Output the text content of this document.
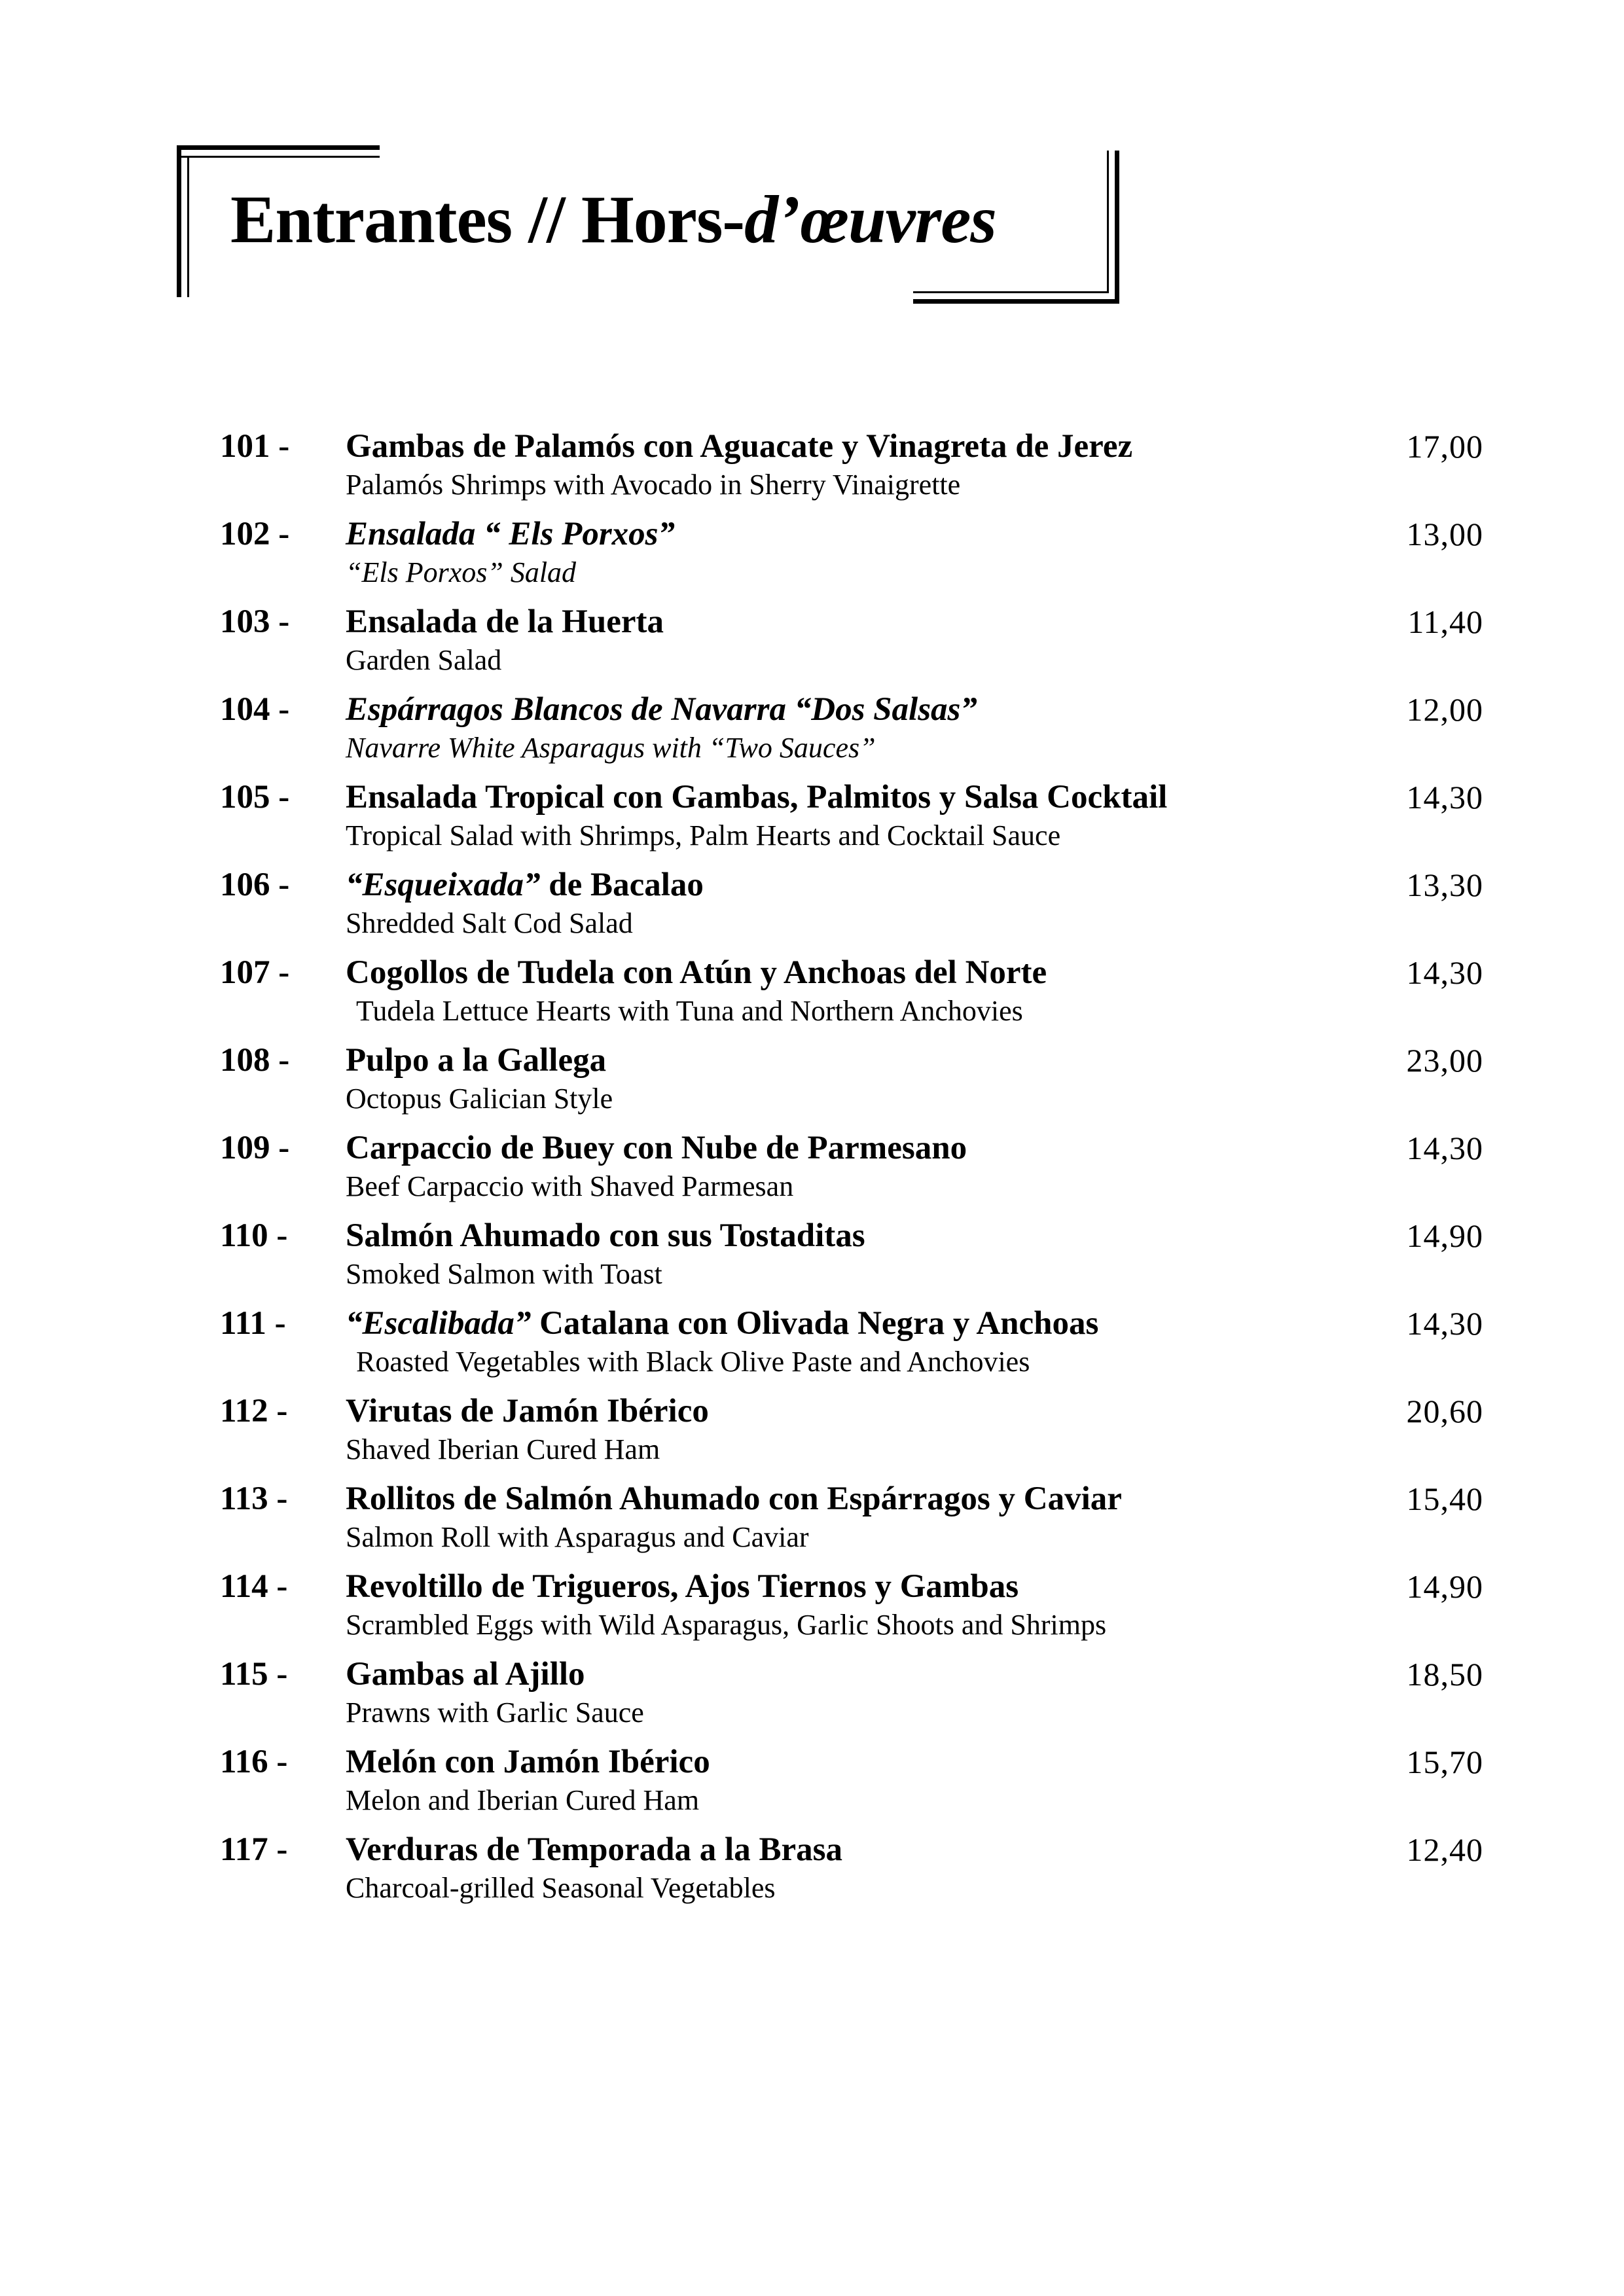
Entrantes // Hors-d’œuvres
101 - Gambas de Palamós con Aguacate y Vinagreta de Jerez
Palamós Shrimps with Avocado in Sherry Vinaigrette
17,00
102 - Ensalada “ Els Porxos”
“Els Porxos” Salad
13,00
103 - Ensalada de la Huerta
Garden Salad
11,40
104 - Espárragos Blancos de Navarra “Dos Salsas”
Navarre White Asparagus with “Two Sauces”
12,00
105 - Ensalada Tropical con Gambas, Palmitos y Salsa Cocktail
Tropical Salad with Shrimps, Palm Hearts and Cocktail Sauce
14,30
106 - “Esqueixada” de Bacalao
Shredded Salt Cod Salad
13,30
107 - Cogollos de Tudela con Atún y Anchoas del Norte
Tudela Lettuce Hearts with Tuna and Northern Anchovies
14,30
108 - Pulpo a la Gallega
Octopus Galician Style
23,00
109 - Carpaccio de Buey con Nube de Parmesano
Beef Carpaccio with Shaved Parmesan
14,30
110 - Salmón Ahumado con sus Tostaditas
Smoked Salmon with Toast
14,90
111 - “Escalibada” Catalana con Olivada Negra y Anchoas
Roasted Vegetables with Black Olive Paste and Anchovies
14,30
112 - Virutas de Jamón Ibérico
Shaved Iberian Cured Ham
20,60
113 - Rollitos de Salmón Ahumado con Espárragos y Caviar
Salmon Roll with Asparagus and Caviar
15,40
114 - Revoltillo de Trigueros, Ajos Tiernos y Gambas
Scrambled Eggs with Wild Asparagus, Garlic Shoots and Shrimps
14,90
115 - Gambas al Ajillo
Prawns with Garlic Sauce
18,50
116 - Melón con Jamón Ibérico
Melon and Iberian Cured Ham
15,70
117 - Verduras de Temporada a la Brasa
Charcoal-grilled Seasonal Vegetables
12,40
